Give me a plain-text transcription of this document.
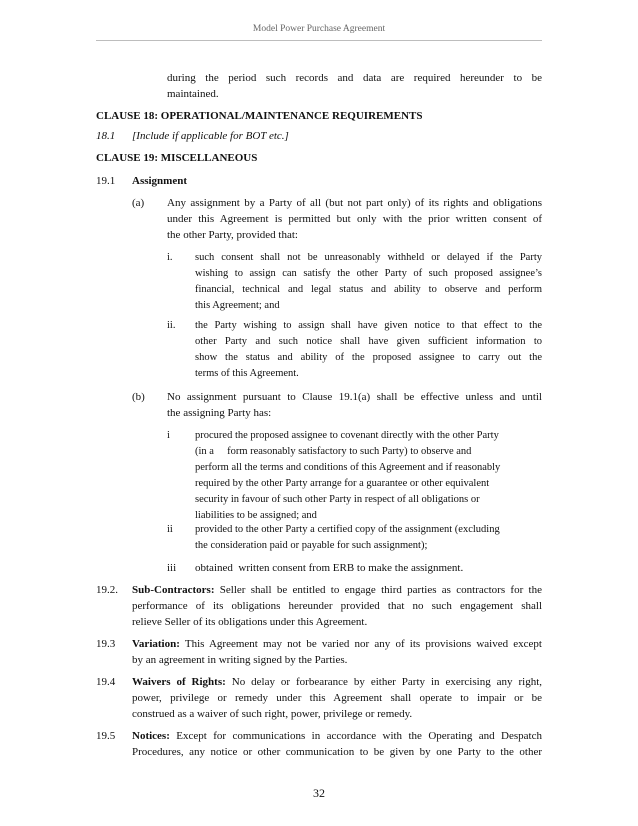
Model Power Purchase Agreement
during the period such records and data are required hereunder to be
maintained.
CLAUSE 18: OPERATIONAL/MAINTENANCE REQUIREMENTS
18.1 [Include if applicable for BOT etc.]
CLAUSE 19: MISCELLANEOUS
19.1 Assignment
(a) Any assignment by a Party of all (but not part only) of its rights and obligations
under this Agreement is permitted but only with the prior written consent of
the other Party, provided that:
i. such consent shall not be unreasonably withheld or delayed if the Party
wishing to assign can satisfy the other Party of such proposed assignee’s
financial, technical and legal status and ability to observe and perform
this Agreement; and
ii. the Party wishing to assign shall have given notice to that effect to the
other Party and such notice shall have given sufficient information to
show the status and ability of the proposed assignee to carry out the
terms of this Agreement.
(b) No assignment pursuant to Clause 19.1(a) shall be effective unless and until
the assigning Party has:
i procured the proposed assignee to covenant directly with the other Party
(in a     form reasonably satisfactory to such Party) to observe and
perform all the terms and conditions of this Agreement and if reasonably
required by the other Party arrange for a guarantee or other equivalent
security in favour of such other Party in respect of all obligations or
liabilities to be assigned; and
ii provided to the other Party a certified copy of the assignment (excluding
the consideration paid or payable for such assignment);
iii obtained  written consent from ERB to make the assignment.
19.2. Sub-Contractors: Seller shall be entitled to engage third parties as contractors for the
performance of its obligations hereunder provided that no such engagement shall
relieve Seller of its obligations under this Agreement.
19.3 Variation: This Agreement may not be varied nor any of its provisions waived except
by an agreement in writing signed by the Parties.
19.4 Waivers of Rights: No delay or forbearance by either Party in exercising any right,
power, privilege or remedy under this Agreement shall operate to impair or be
construed as a waiver of such right, power, privilege or remedy.
19.5 Notices: Except for communications in accordance with the Operating and Despatch
Procedures, any notice or other communication to be given by one Party to the other
32
